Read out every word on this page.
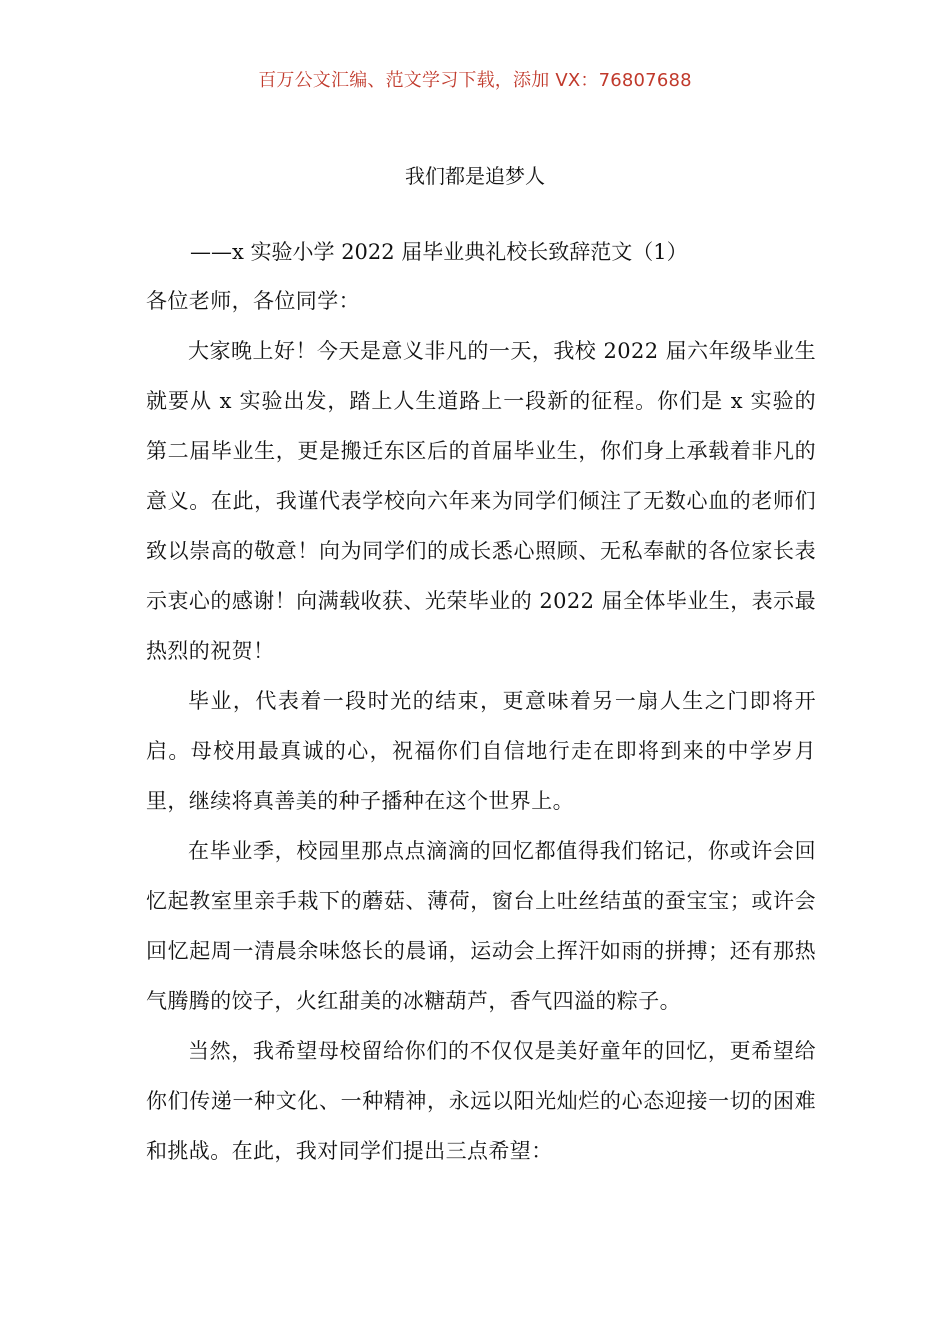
百万公文汇编、范文学习下载，添加 VX：76807688
我们都是追梦人
——x 实验小学 2022 届毕业典礼校长致辞范文（1）

各位老师，各位同学：

大家晚上好！今天是意义非凡的一天，我校 2022 届六年级毕业生就要从 x 实验出发，踏上人生道路上一段新的征程。你们是 x 实验的第二届毕业生，更是搬迁东区后的首届毕业生，你们身上承载着非凡的意义。在此，我谨代表学校向六年来为同学们倾注了无数心血的老师们致以崇高的敬意！向为同学们的成长悉心照顾、无私奉献的各位家长表示衷心的感谢！向满载收获、光荣毕业的 2022 届全体毕业生，表示最热烈的祝贺！

毕业，代表着一段时光的结束，更意味着另一扇人生之门即将开启。母校用最真诚的心，祝福你们自信地行走在即将到来的中学岁月里，继续将真善美的种子播种在这个世界上。

在毕业季，校园里那点点滴滴的回忆都值得我们铭记，你或许会回忆起教室里亲手栽下的蘑菇、薄荷，窗台上吐丝结茧的蚕宝宝；或许会回忆起周一清晨余味悠长的晨诵，运动会上挥汗如雨的拼搏；还有那热气腾腾的饺子，火红甜美的冰糖葫芦，香气四溢的粽子。

当然，我希望母校留给你们的不仅仅是美好童年的回忆，更希望给你们传递一种文化、一种精神，永远以阳光灿烂的心态迎接一切的困难和挑战。在此，我对同学们提出三点希望：
